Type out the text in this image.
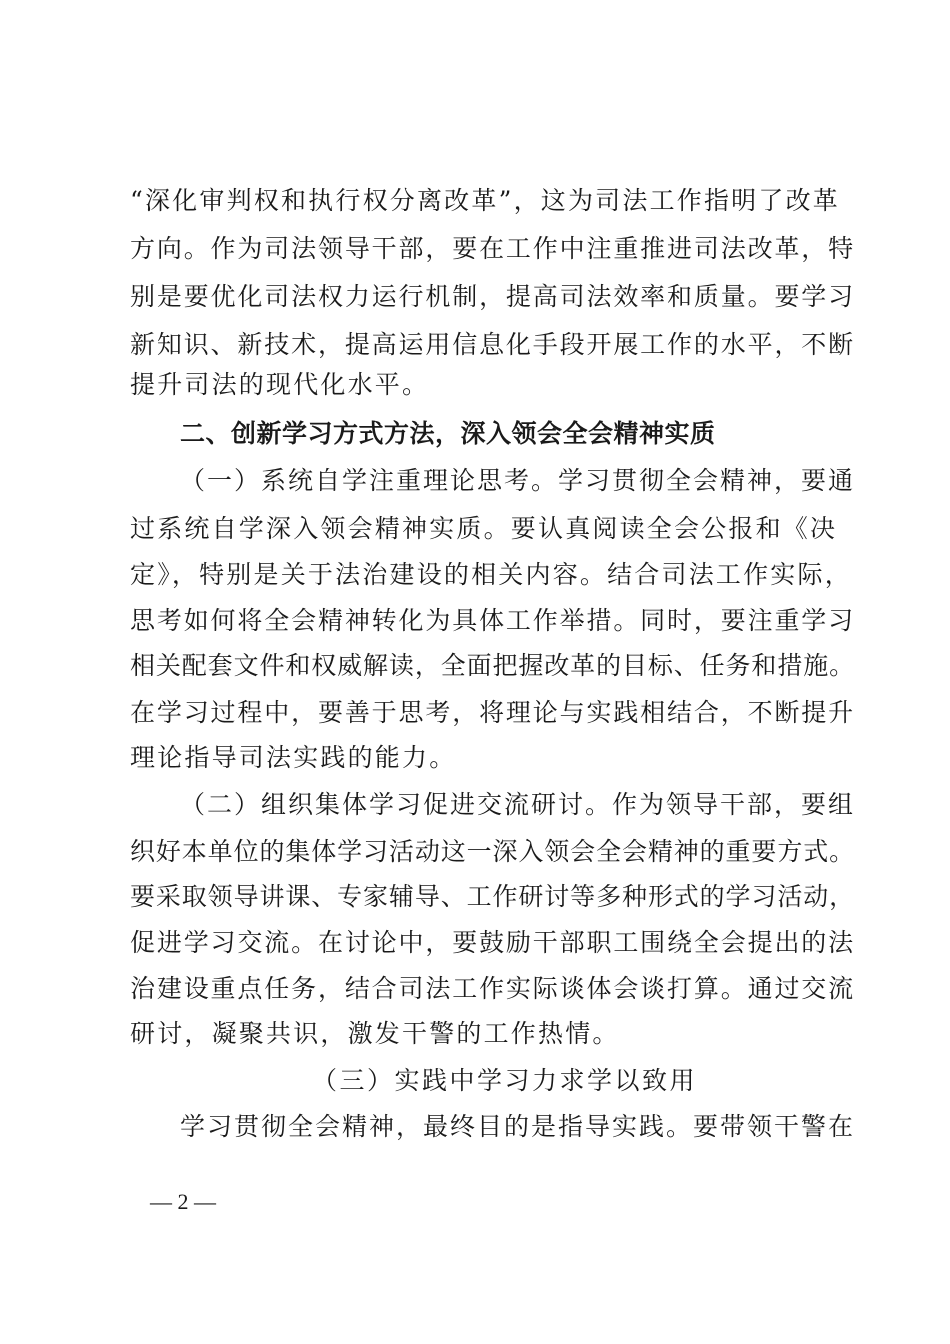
“深化审判权和执行权分离改革”，这为司法工作指明了改革
方向。作为司法领导干部，要在工作中注重推进司法改革，特
别是要优化司法权力运行机制，提高司法效率和质量。要学习
新知识、新技术，提高运用信息化手段开展工作的水平，不断
提升司法的现代化水平。
二、创新学习方式方法，深入领会全会精神实质
（一）系统自学注重理论思考。学习贯彻全会精神，要通
过系统自学深入领会精神实质。要认真阅读全会公报和《决
定》，特别是关于法治建设的相关内容。结合司法工作实际，
思考如何将全会精神转化为具体工作举措。同时，要注重学习
相关配套文件和权威解读，全面把握改革的目标、任务和措施。
在学习过程中，要善于思考，将理论与实践相结合，不断提升
理论指导司法实践的能力。
（二）组织集体学习促进交流研讨。作为领导干部，要组
织好本单位的集体学习活动这一深入领会全会精神的重要方式。
要采取领导讲课、专家辅导、工作研讨等多种形式的学习活动，
促进学习交流。在讨论中，要鼓励干部职工围绕全会提出的法
治建设重点任务，结合司法工作实际谈体会谈打算。通过交流
研讨，凝聚共识，激发干警的工作热情。
（三）实践中学习力求学以致用
学习贯彻全会精神，最终目的是指导实践。要带领干警在
— 2 —
